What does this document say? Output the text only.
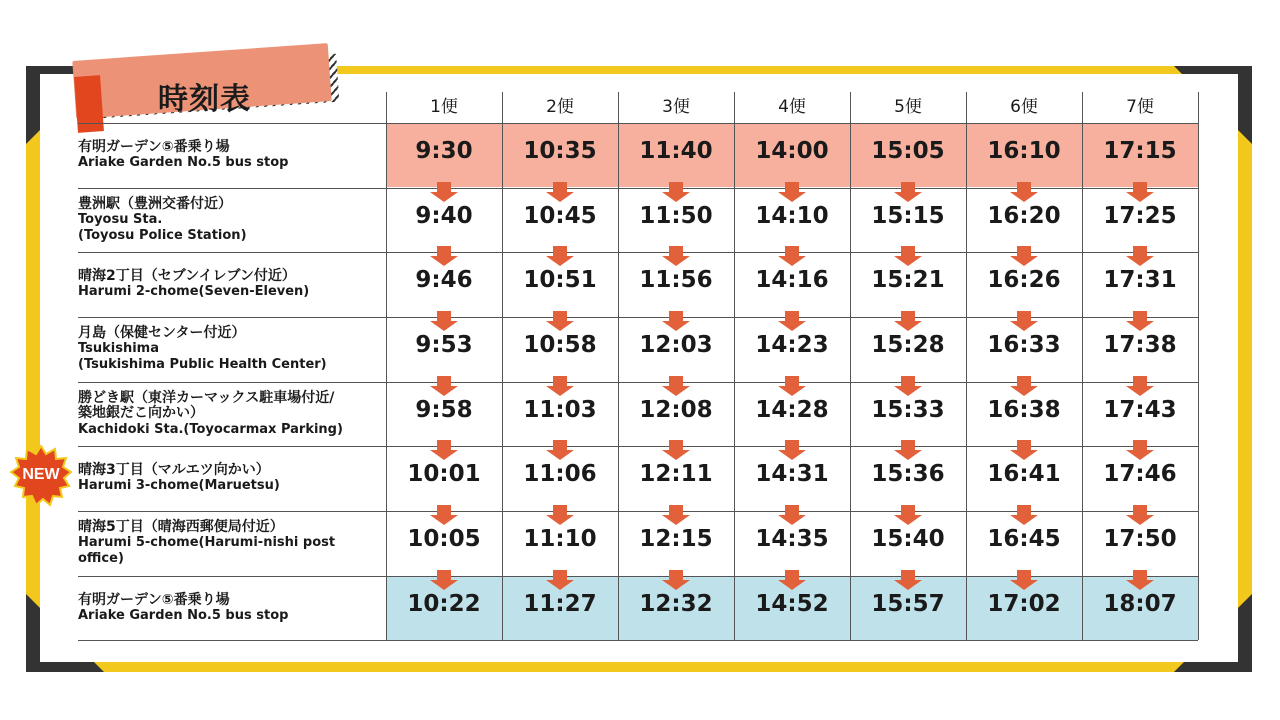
時刻表
NEW
1便	2便	3便	4便	5便	6便	7便
有明ガーデン⑤番乗り場
Ariake Garden No.5 bus stop	9:30	10:35	11:40	14:00	15:05	16:10	17:15
豊洲駅（豊洲交番付近）
Toyosu Sta.
(Toyosu Police Station)
9:40	10:45	11:50	14:10	15:15	16:20	17:25
晴海2丁目（セブンイレブン付近）
Harumi 2-chome(Seven-Eleven)	9:46	10:51	11:56	14:16	15:21	16:26	17:31
月島（保健センター付近）
Tsukishima
(Tsukishima Public Health Center)
9:53	10:58	12:03	14:23	15:28	16:33	17:38
勝どき駅（東洋カーマックス駐車場付近/
築地銀だこ向かい）
Kachidoki Sta.(Toyocarmax Parking)
9:58	11:03	12:08	14:28	15:33	16:38	17:43
晴海3丁目（マルエツ向かい）
Harumi 3-chome(Maruetsu)	10:01	11:06	12:11	14:31	15:36	16:41	17:46
晴海5丁目（晴海西郵便局付近）
Harumi 5-chome(Harumi-nishi post office)
10:05	11:10	12:15	14:35	15:40	16:45	17:50
有明ガーデン⑤番乗り場
Ariake Garden No.5 bus stop	10:22	11:27	12:32	14:52	15:57	17:02	18:07
